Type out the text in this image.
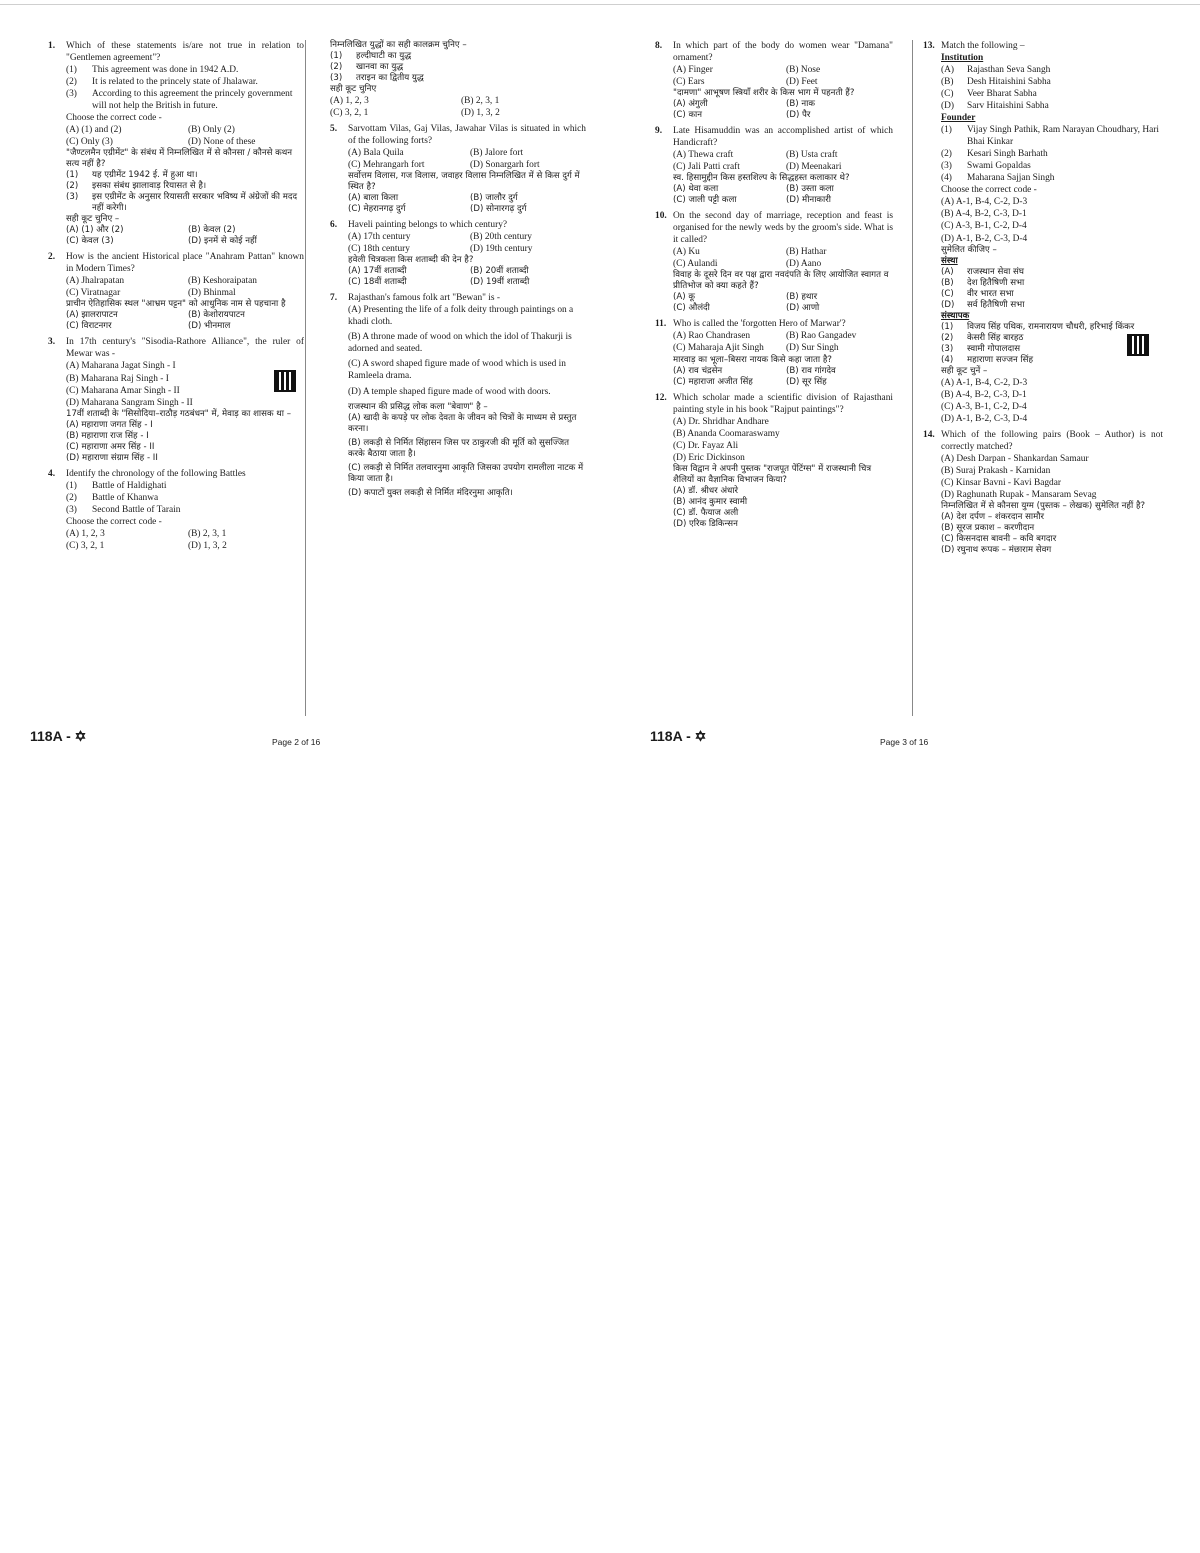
1.	Which of these statements is/are not true in relation to "Gentlemen agreement"?
(1)	This agreement was done in 1942 A.D.
(2)	It is related to the princely state of Jhalawar.
(3)	According to this agreement the princely government will not help the British in future.
Choose the correct code -
(A) (1) and (2)	(B) Only (2)
(C) Only (3)	(D) None of these
"जैण्टलमैन एग्रीमेंट" के संबंध में निम्नलिखित में से कौनसा / कौनसे कथन सत्य नहीं है?
(1)	यह एग्रीमेंट 1942 ई. में हुआ था।
(2)	इसका संबंध झालावाड़ रियासत से है।
(3)	इस एग्रीमेंट के अनुसार रियासती सरकार भविष्य में अंग्रेजों की मदद नहीं करेगी।
सही कूट चुनिए –
(A) (1) और (2)	(B) केवल (2)
(C) केवल (3)	(D) इनमें से कोई नहीं
2.	How is the ancient Historical place "Anahram Pattan" known in Modern Times?
(A) Jhalrapatan	(B) Keshoraipatan
(C) Viratnagar	(D) Bhinmal
प्राचीन ऐतिहासिक स्थल "आभ्रम पट्टन" को आधुनिक नाम से पहचाना है
(A) झालरापाटन	(B) केशोरायपाटन
(C) विराटनगर	(D) भीनमाल
3.	In 17th century's "Sisodia-Rathore Alliance", the ruler of Mewar was -
(A) Maharana Jagat Singh - I
(B) Maharana Raj Singh - I
(C) Maharana Amar Singh - II
(D) Maharana Sangram Singh - II
17वीं शताब्दी के "सिसोदिया–राठौड़ गठबंधन" में, मेवाड़ का शासक था –
(A) महाराणा जगत सिंह - I
(B) महाराणा राज सिंह - I
(C) महाराणा अमर सिंह - II
(D) महाराणा संग्राम सिंह - II
4.	Identify the chronology of the following Battles
(1)	Battle of Haldighati
(2)	Battle of Khanwa
(3)	Second Battle of Tarain
Choose the correct code -
(A) 1, 2, 3	(B) 2, 3, 1
(C) 3, 2, 1	(D) 1, 3, 2
निम्नलिखित युद्धों का सही कालक्रम चुनिए –
(1)	हल्दीघाटी का युद्ध
(2)	खानवा का युद्ध
(3)	तराइन का द्वितीय युद्ध
सही कूट चुनिए
(A) 1, 2, 3	(B) 2, 3, 1
(C) 3, 2, 1	(D) 1, 3, 2
5.	Sarvottam Vilas, Gaj Vilas, Jawahar Vilas is situated in which of the following forts?
(A) Bala Quila	(B) Jalore fort
(C) Mehrangarh fort	(D) Sonargarh fort
सर्वोत्तम विलास, गज विलास, जवाहर विलास निम्नलिखित में से किस दुर्ग में स्थित है?
(A) बाला किला	(B) जालौर दुर्ग
(C) मेहरानगढ़ दुर्ग	(D) सोनारगढ़ दुर्ग
6.	Haveli painting belongs to which century?
(A) 17th century	(B) 20th century
(C) 18th century	(D) 19th century
हवेली चित्रकला किस शताब्दी की देन है?
(A) 17वीं शताब्दी	(B) 20वीं शताब्दी
(C) 18वीं शताब्दी	(D) 19वीं शताब्दी
7.	Rajasthan's famous folk art "Bewan" is -
(A) Presenting the life of a folk deity through paintings on a khadi cloth.
(B) A throne made of wood on which the idol of Thakurji is adorned and seated.
(C) A sword shaped figure made of wood which is used in Ramleela drama.
(D) A temple shaped figure made of wood with doors.
राजस्थान की प्रसिद्ध लोक कला "बेवाण" है –
(A) खादी के कपड़े पर लोक देवता के जीवन को चित्रों के माध्यम से प्रस्तुत करना।
(B) लकड़ी से निर्मित सिंहासन जिस पर ठाकुरजी की मूर्ति को सुसज्जित करके बैठाया जाता है।
(C) लकड़ी से निर्मित तलवारनुमा आकृति जिसका उपयोग रामलीला नाटक में किया जाता है।
(D) कपाटों युक्त लकड़ी से निर्मित मंदिरनुमा आकृति।
8.	In which part of the body do women wear "Damana" ornament?
(A) Finger	(B) Nose
(C) Ears	(D) Feet
"दामणा" आभूषण स्त्रियाँ शरीर के किस भाग में पहनती हैं?
(A) अंगुली	(B) नाक
(C) कान	(D) पैर
9.	Late Hisamuddin was an accomplished artist of which Handicraft?
(A) Thewa craft	(B) Usta craft
(C) Jali Patti craft	(D) Meenakari
स्व. हिसामुद्दीन किस हस्तशिल्प के सिद्धहस्त कलाकार थे?
(A) थेवा कला	(B) उस्ता कला
(C) जाली पट्टी कला	(D) मीनाकारी
10. On the second day of marriage, reception and feast is organised for the newly weds by the groom's side. What is it called?
(A) Ku	(B) Hathar
(C) Aulandi	(D) Aano
विवाह के दूसरे दिन वर पक्ष द्वारा नवदंपति के लिए आयोजित स्वागत व प्रीतिभोज को क्या कहते हैं?
(A) कू	(B) हथार
(C) औलंदी	(D) आणो
11. Who is called the 'forgotten Hero of Marwar'?
(A) Rao Chandrasen	(B) Rao Gangadev
(C) Maharaja Ajit Singh	(D) Sur Singh
मारवाड़ का भूला–बिसरा नायक किसे कहा जाता है?
(A) राव चंद्रसेन	(B) राव गांगदेव
(C) महाराजा अजीत सिंह	(D) सूर सिंह
12. Which scholar made a scientific division of Rajasthani painting style in his book "Rajput paintings"?
(A) Dr. Shridhar Andhare
(B) Ananda Coomaraswamy
(C) Dr. Fayaz Ali
(D) Eric Dickinson
किस विद्वान ने अपनी पुस्तक "राजपूत पेंटिंग्स" में राजस्थानी चित्र शैलियों का वैज्ञानिक विभाजन किया?
(A) डॉ. श्रीधर अंधारे
(B) आनंद कुमार स्वामी
(C) डॉ. फैयाज अली
(D) एरिक डिकिन्सन
13. Match the following –
Institution
(A)	Rajasthan Seva Sangh
(B)	Desh Hitaishini Sabha
(C)	Veer Bharat Sabha
(D)	Sarv Hitaishini Sabha
Founder
(1)	Vijay Singh Pathik, Ram Narayan Choudhary, Hari Bhai Kinkar
(2)	Kesari Singh Barhath
(3)	Swami Gopaldas
(4)	Maharana Sajjan Singh
Choose the correct code -
(A) A-1, B-4, C-2, D-3
(B) A-4, B-2, C-3, D-1
(C) A-3, B-1, C-2, D-4
(D) A-1, B-2, C-3, D-4
सुमेलित कीजिए –
संस्था
(A)	राजस्थान सेवा संघ
(B)	देश हितैषिणी सभा
(C)	वीर भारत सभा
(D)	सर्व हितैषिणी सभा
संस्थापक
(1)	विजय सिंह पथिक, रामनारायण चौधरी, हरिभाई किंकर
(2)	केसरी सिंह बारहठ
(3)	स्वामी गोपालदास
(4)	महाराणा सज्जन सिंह
सही कूट चुनें –
(A) A-1, B-4, C-2, D-3
(B) A-4, B-2, C-3, D-1
(C) A-3, B-1, C-2, D-4
(D) A-1, B-2, C-3, D-4
14. Which of the following pairs (Book – Author) is not correctly matched?
(A) Desh Darpan - Shankardan Samaur
(B) Suraj Prakash - Karnidan
(C) Kinsar Bavni - Kavi Bagdar
(D) Raghunath Rupak - Mansaram Sevag
निम्नलिखित में से कौनसा युग्म (पुस्तक – लेखक) सुमेलित नहीं है?
(A) देश दर्पण – शंकरदान सामौर
(B) सूरज प्रकाश – करणीदान
(C) किसनदास बावनी – कवि बगदार
(D) रघुनाथ रूपक – मंछाराम सेवग
118A - ✡	Page 2 of 16	118A - ✡	Page 3 of 16
